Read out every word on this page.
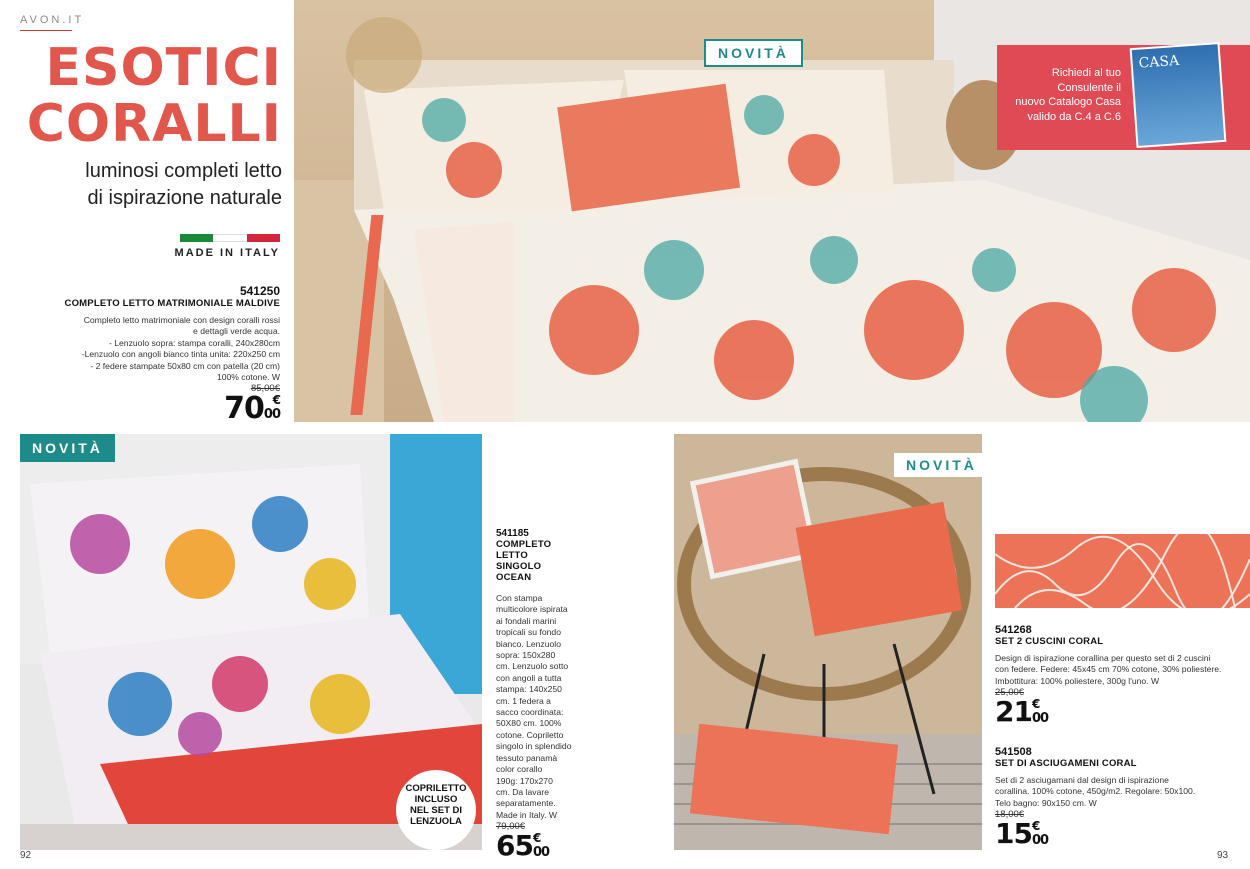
AVON.IT
ESOTICI
CORALLI
luminosi completi letto
di ispirazione naturale
MADE IN ITALY
541250
COMPLETO LETTO MATRIMONIALE MALDIVE
Completo letto matrimoniale con design coralli rossi
e dettagli verde acqua.
- Lenzuolo sopra: stampa coralli, 240x280cm
-Lenzuolo con angoli bianco tinta unita: 220x250 cm
- 2 federe stampate 50x80 cm con patella (20 cm)
100% cotone. W
85,00€
70 €
00
NOVITÀ
Richiedi al tuo
Consulente il
nuovo Catalogo Casa
valido da C.4 a C.6
CASA
NOVITÀ
COPRILETTO
INCLUSO
NEL SET DI
LENZUOLA
541185
COMPLETO
LETTO
SINGOLO
OCEAN
Con stampa
multicolore ispirata
ai fondali marini
tropicali su fondo
bianco. Lenzuolo
sopra: 150x280
cm. Lenzuolo sotto
con angoli a tutta
stampa: 140x250
cm. 1 federa a
sacco coordinata:
50X80 cm. 100%
cotone. Copriletto
singolo in splendido
tessuto panamà
color corallo
190g: 170x270
cm. Da lavare
separatamente.
Made in Italy. W
79,00€
65 €
00
NOVITÀ
541268
SET 2 CUSCINI CORAL
Design di ispirazione corallina per questo set di 2 cuscini
con federe. Federe: 45x45 cm 70% cotone, 30% poliestere.
Imbottitura: 100% poliestere, 300g l'uno. W
25,00€
21 €
00
541508
SET DI ASCIUGAMENI CORAL
Set di 2 asciugamani dal design di ispirazione
corallina. 100% cotone, 450g/m2. Regolare: 50x100.
Telo bagno: 90x150 cm. W
18,00€
15 €
00
92	93
